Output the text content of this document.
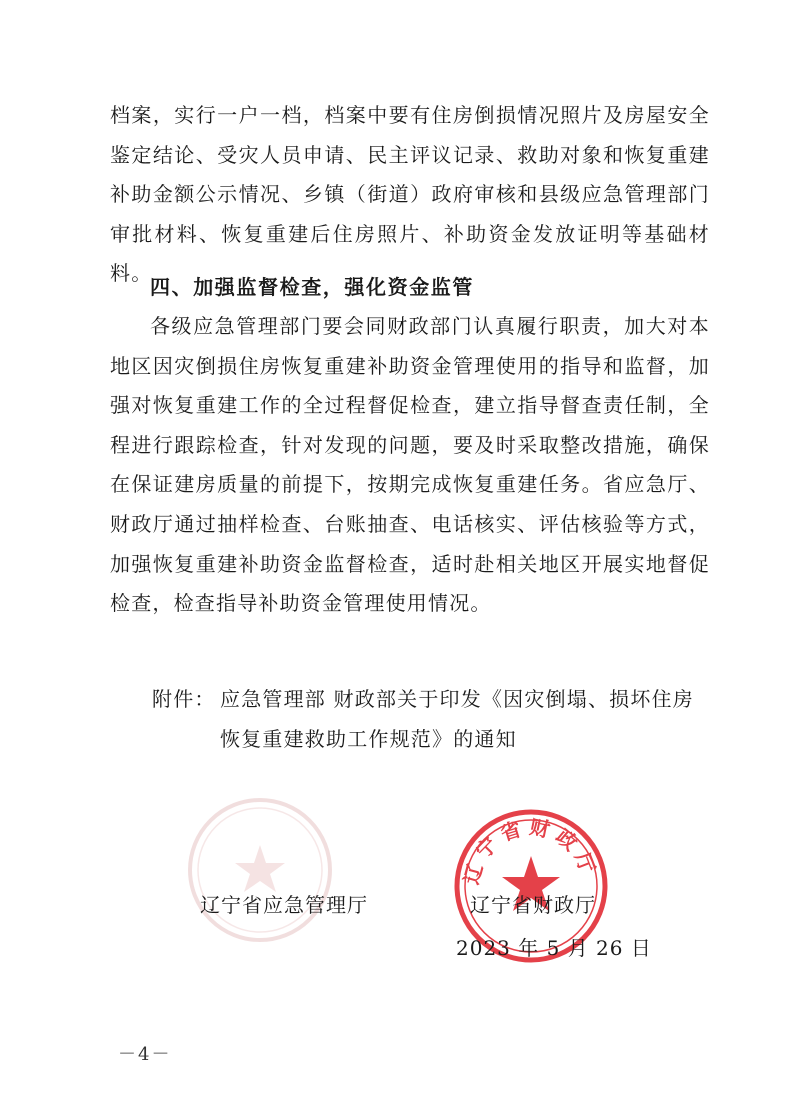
辽宁省财政厅

档案，实行一户一档，档案中要有住房倒损情况照片及房屋安全鉴定结论、受灾人员申请、民主评议记录、救助对象和恢复重建补助金额公示情况、乡镇（街道）政府审核和县级应急管理部门审批材料、恢复重建后住房照片、补助资金发放证明等基础材料。

四、加强监督检查，强化资金监管

各级应急管理部门要会同财政部门认真履行职责，加大对本地区因灾倒损住房恢复重建补助资金管理使用的指导和监督，加强对恢复重建工作的全过程督促检查，建立指导督查责任制，全程进行跟踪检查，针对发现的问题，要及时采取整改措施，确保在保证建房质量的前提下，按期完成恢复重建任务。省应急厅、财政厅通过抽样检查、台账抽查、电话核实、评估核验等方式，加强恢复重建补助资金监督检查，适时赴相关地区开展实地督促检查，检查指导补助资金管理使用情况。

附件： 应急管理部 财政部关于印发《因灾倒塌、损坏住房
恢复重建救助工作规范》的通知
辽宁省应急管理厅	辽宁省财政厅
2023 年 5 月 26 日
－4－
